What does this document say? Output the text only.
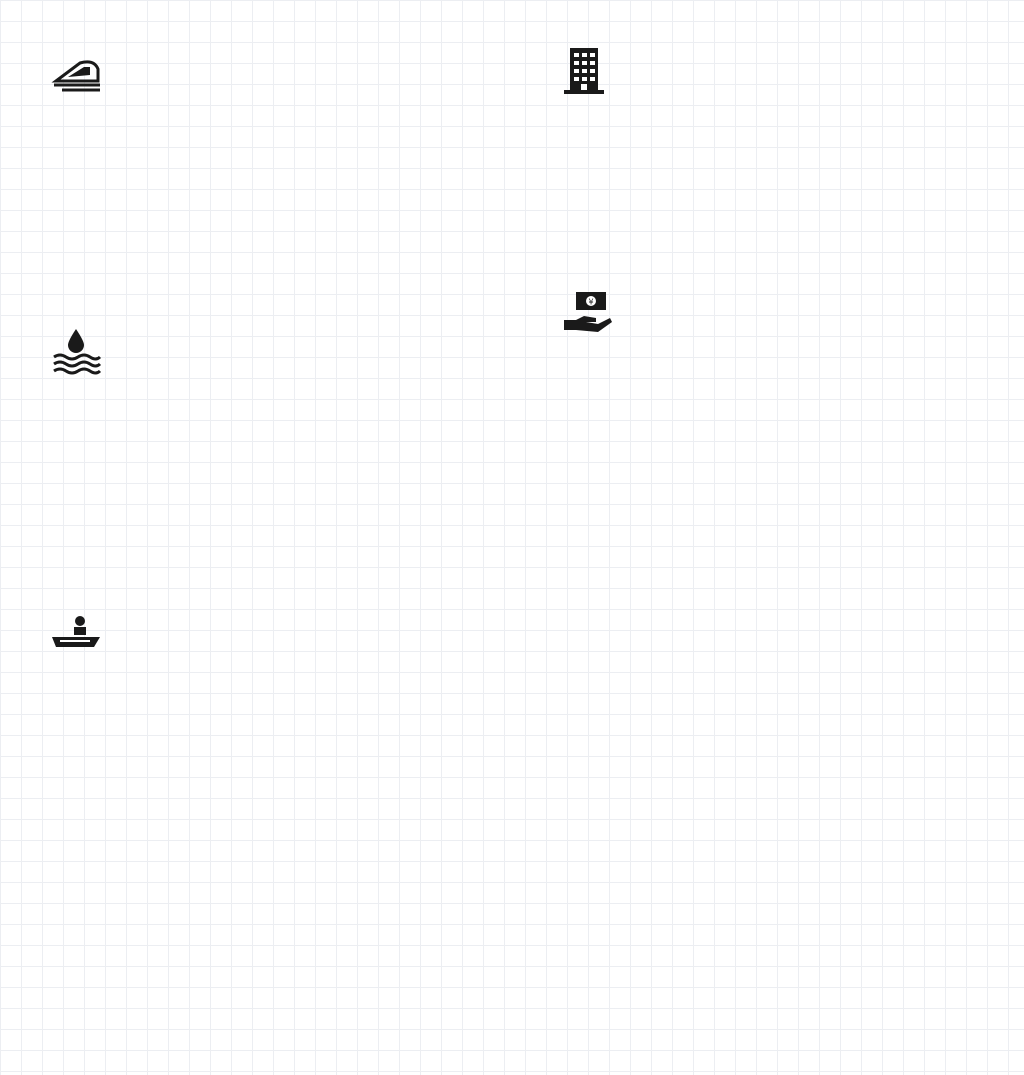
¥
